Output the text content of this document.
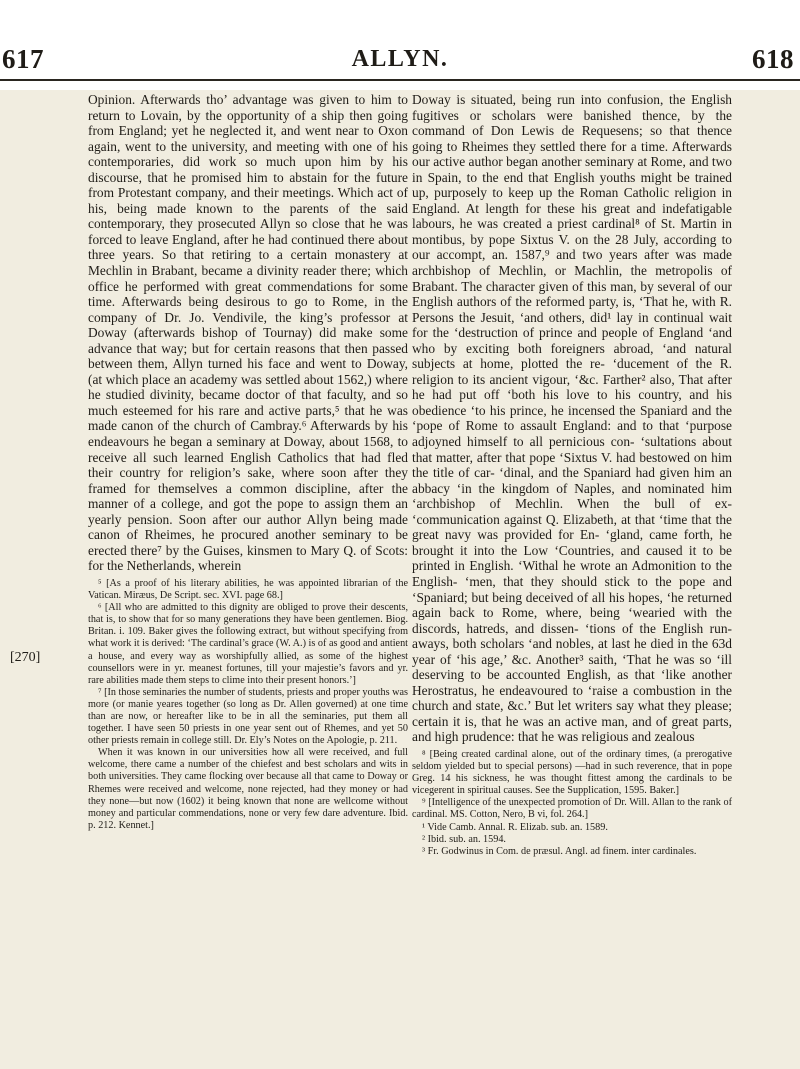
617	ALLYN.	618
[270]

Opinion. Afterwards tho’ advantage was given to him to return to Lovain, by the opportunity of a ship then going from England; yet he neglected it, and went near to Oxon again, went to the university, and meeting with one of his contemporaries, did work so much upon him by his discourse, that he promised him to abstain for the future from Protestant company, and their meetings. Which act of his, being made known to the parents of the said contemporary, they prosecuted Allyn so close that he was forced to leave England, after he had continued there about three years. So that retiring to a certain monastery at Mechlin in Brabant, became a divinity reader there; which office he performed with great commendations for some time. Afterwards being desirous to go to Rome, in the company of Dr. Jo. Vendivile, the king’s professor at Doway (afterwards bishop of Tournay) did make some advance that way; but for certain reasons that then passed between them, Allyn turned his face and went to Doway, (at which place an academy was settled about 1562,) where he studied divinity, became doctor of that faculty, and so much esteemed for his rare and active parts,⁵ that he was made canon of the church of Cambray.⁶ Afterwards by his endeavours he began a seminary at Doway, about 1568, to receive all such learned English Catholics that had fled their country for religion’s sake, where soon after they framed for themselves a common discipline, after the manner of a college, and got the pope to assign them an yearly pension. Soon after our author Allyn being made canon of Rheimes, he procured another seminary to be erected there⁷ by the Guises, kinsmen to Mary Q. of Scots: for the Netherlands, wherein

⁵ [As a proof of his literary abilities, he was appointed librarian of the Vatican. Miræus, De Script. sec. XVI. page 68.]

⁶ [All who are admitted to this dignity are obliged to prove their descents, that is, to show that for so many generations they have been gentlemen. Biog. Britan. i. 109. Baker gives the following extract, but without specifying from what work it is derived: ‘The cardinal’s grace (W. A.) is of as good and antient a house, and every way as worshipfully allied, as some of the highest counsellors were in yr. meanest fortunes, till your majestie’s favors and yr. rare abilities made them steps to clime into their present honors.’]

⁷ [In those seminaries the number of students, priests and proper youths was more (or manie yeares together (so long as Dr. Allen governed) at one time than are now, or hereafter like to be in all the seminaries, put them all together. I have seen 50 priests in one year sent out of Rhemes, and yet 50 other priests remain in college still. Dr. Ely’s Notes on the Apologie, p. 211.

When it was known in our universities how all were received, and full welcome, there came a number of the chiefest and best scholars and wits in both universities. They came flocking over because all that came to Doway or Rhemes were received and welcome, none rejected, had they money or had they none—but now (1602) it being known that none are wellcome without money and particular commendations, none or very few dare adventure. Ibid. p. 212. Kennet.]

Doway is situated, being run into confusion, the English fugitives or scholars were banished thence, by the command of Don Lewis de Requesens; so that thence going to Rheimes they settled there for a time. Afterwards our active author began another seminary at Rome, and two in Spain, to the end that English youths might be trained up, purposely to keep up the Roman Catholic religion in England. At length for these his great and indefatigable labours, he was created a priest cardinal⁸ of St. Martin in montibus, by pope Sixtus V. on the 28 July, according to our accompt, an. 1587,⁹ and two years after was made archbishop of Mechlin, or Machlin, the metropolis of Brabant. The character given of this man, by several of our English authors of the reformed party, is, ‘That he, with R. Persons the Jesuit, ‘and others, did¹ lay in continual wait for the ‘destruction of prince and people of England ‘and who by exciting both foreigners abroad, ‘and natural subjects at home, plotted the re- ‘ducement of the R. religion to its ancient vigour, ‘&c. Farther² also, That after he had put off ‘both his love to his country, and his obedience ‘to his prince, he incensed the Spaniard and the ‘pope of Rome to assault England: and to that ‘purpose adjoyned himself to all pernicious con- ‘sultations about that matter, after that pope ‘Sixtus V. had bestowed on him the title of car- ‘dinal, and the Spaniard had given him an abbacy ‘in the kingdom of Naples, and nominated him ‘archbishop of Mechlin. When the bull of ex- ‘communication against Q. Elizabeth, at that ‘time that the great navy was provided for En- ‘gland, came forth, he brought it into the Low ‘Countries, and caused it to be printed in English. ‘Withal he wrote an Admonition to the English- ‘men, that they should stick to the pope and ‘Spaniard; but being deceived of all his hopes, ‘he returned again back to Rome, where, being ‘wearied with the discords, hatreds, and dissen- ‘tions of the English run-aways, both scholars ‘and nobles, at last he died in the 63d year of ‘his age,’ &c. Another³ saith, ‘That he was so ‘ill deserving to be accounted English, as that ‘like another Herostratus, he endeavoured to ‘raise a combustion in the church and state, &c.’ But let writers say what they please; certain it is, that he was an active man, and of great parts, and high prudence: that he was religious and zealous

⁸ [Being created cardinal alone, out of the ordinary times, (a prerogative seldom yielded but to special persons) —had in such reverence, that in pope Greg. 14 his sickness, he was thought fittest among the cardinals to be vicegerent in spiritual causes. See the Supplication, 1595. Baker.]

⁹ [Intelligence of the unexpected promotion of Dr. Will. Allan to the rank of cardinal. MS. Cotton, Nero, B vi, fol. 264.]

¹ Vide Camb. Annal. R. Elizab. sub. an. 1589.

² Ibid. sub. an. 1594.

³ Fr. Godwinus in Com. de præsul. Angl. ad finem. inter cardinales.
